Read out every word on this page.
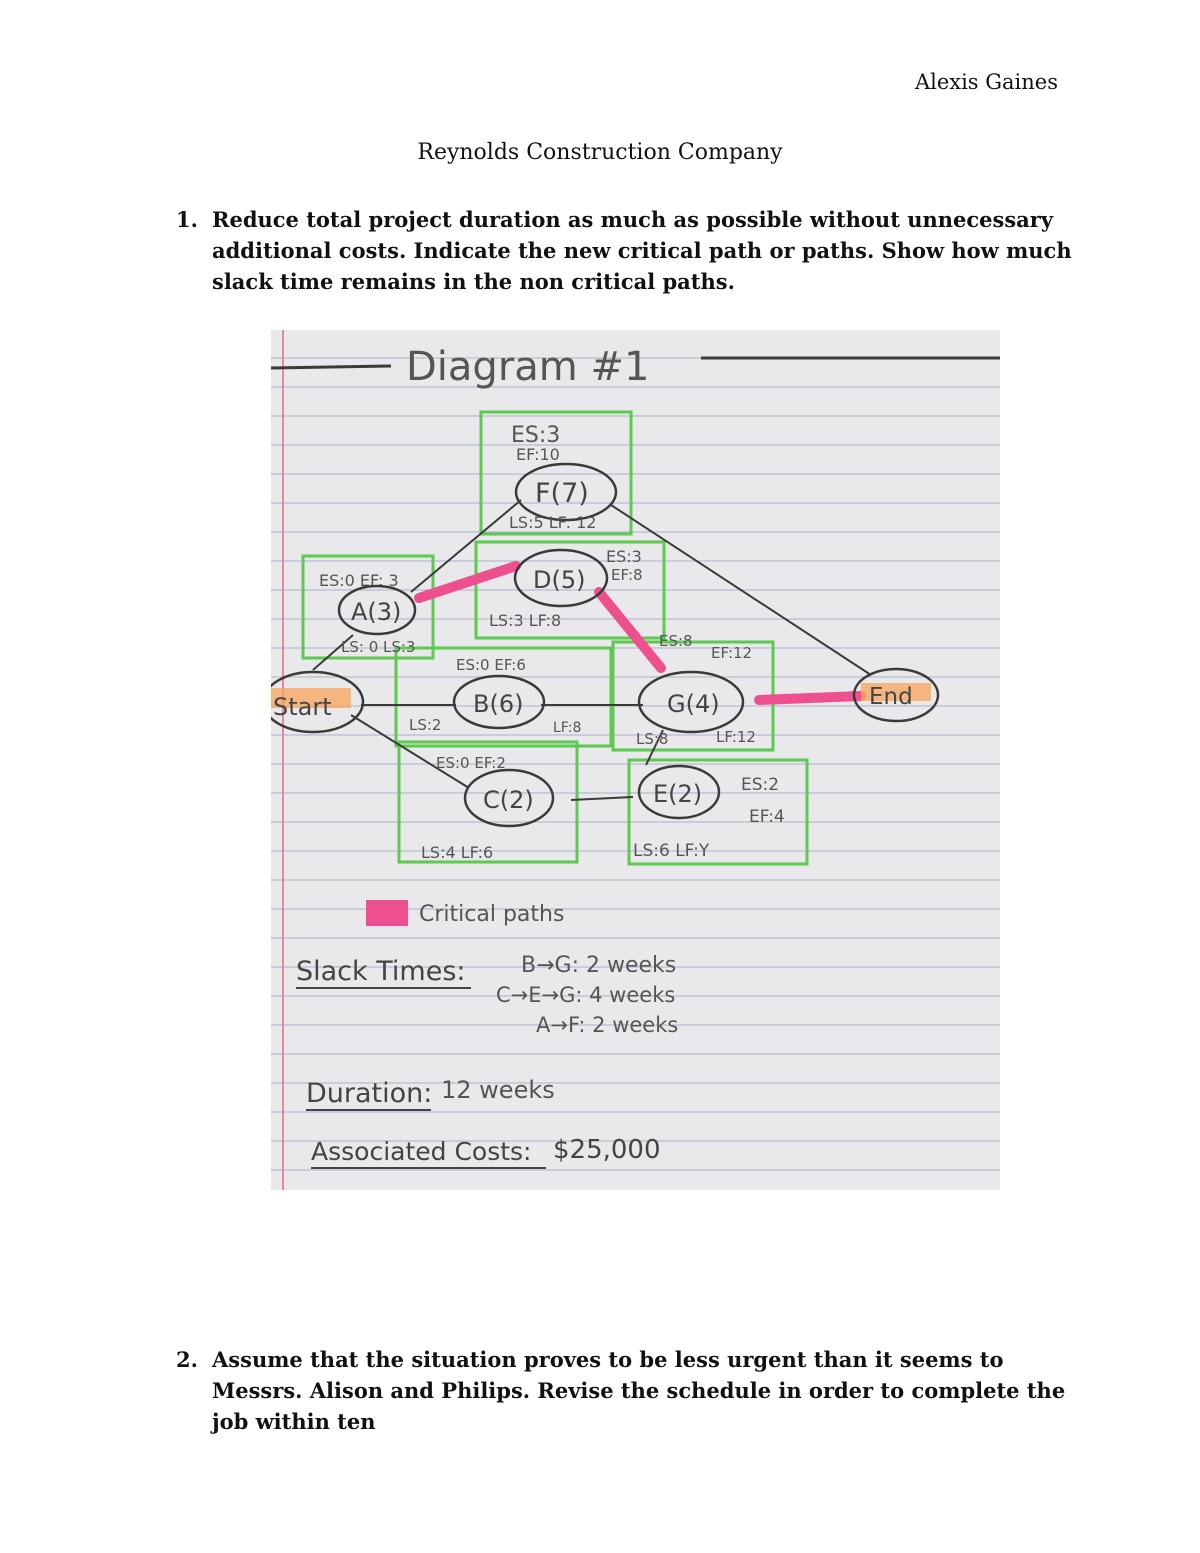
Alexis Gaines
Reynolds Construction Company
1. Reduce total project duration as much as possible without unnecessary additional costs. Indicate the new critical path or paths. Show how much slack time remains in the non critical paths.
Diagram #1
Start	End
ES:3
EF:10
F(7)
LS:5 LF: 12
D(5)
ES:3
EF:8
LS:3 LF:8
ES:0 EF: 3
A(3)
LS: 0 LS:3
ES:0 EF:6
B(6)
LS:2	LF:8
ES:8
EF:12
G(4)
LS:8	LF:12
ES:0 EF:2
C(2)
LS:4 LF:6
E(2) ES:2
EF:4
LS:6 LF:Y
Critical paths
Slack Times:	B→G: 2 weeks
C→E→G: 4 weeks
A→F: 2 weeks
Duration: 12 weeks
Associated Costs: $25,000
2. Assume that the situation proves to be less urgent than it seems to Messrs. Alison and Philips. Revise the schedule in order to complete the job within ten
